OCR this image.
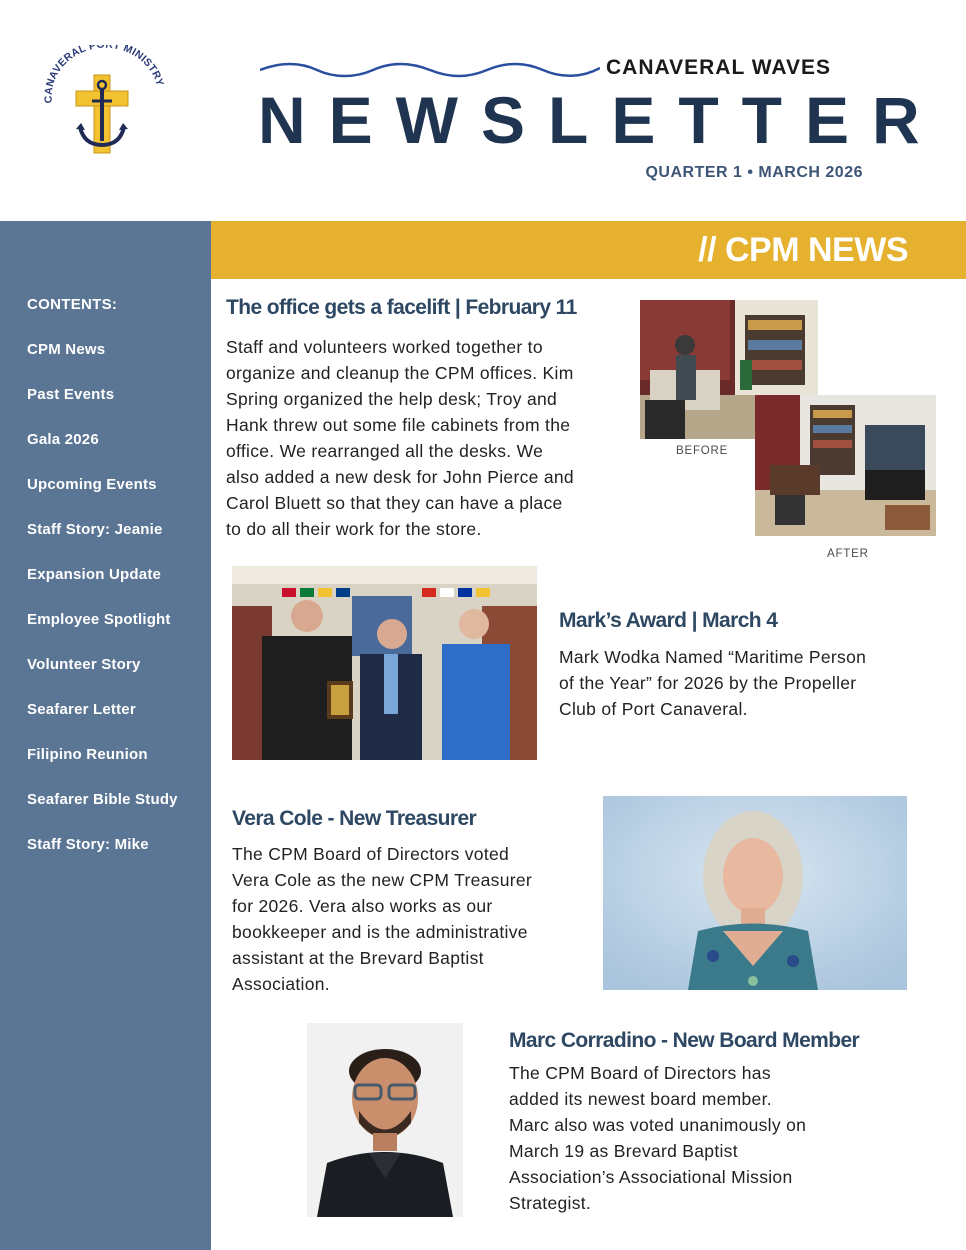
CANAVERAL P T MINISTRY
CANAVERAL WAVES
NEWSLETTER
QUARTER 1 • MARCH 2026
CONTENTS:
CPM News
Past Events
Gala 2026
Upcoming Events
Staff Story: Jeanie
Expansion Update
Employee Spotlight
Volunteer Story
Seafarer Letter
Filipino Reunion
Seafarer Bible Study
Staff Story: Mike
// CPM NEWS
The office gets a facelift | February 11
Staff and volunteers worked together to
organize and cleanup the CPM offices. Kim
Spring organized the help desk; Troy and
Hank threw out some file cabinets from the
office. We rearranged all the desks. We
also added a new desk for John Pierce and
Carol Bluett so that they can have a place
to do all their work for the store.
BEFORE
AFTER
Mark’s Award | March 4
Mark Wodka Named “Maritime Person
of the Year” for 2026 by the Propeller
Club of Port Canaveral.
Vera Cole - New Treasurer
The CPM Board of Directors voted
Vera Cole as the new CPM Treasurer
for 2026. Vera also works as our
bookkeeper and is the administrative
assistant at the Brevard Baptist
Association.
Marc Corradino - New Board Member
The CPM Board of Directors has
added its newest board member.
Marc also was voted unanimously on
March 19 as Brevard Baptist
Association’s Associational Mission
Strategist.
